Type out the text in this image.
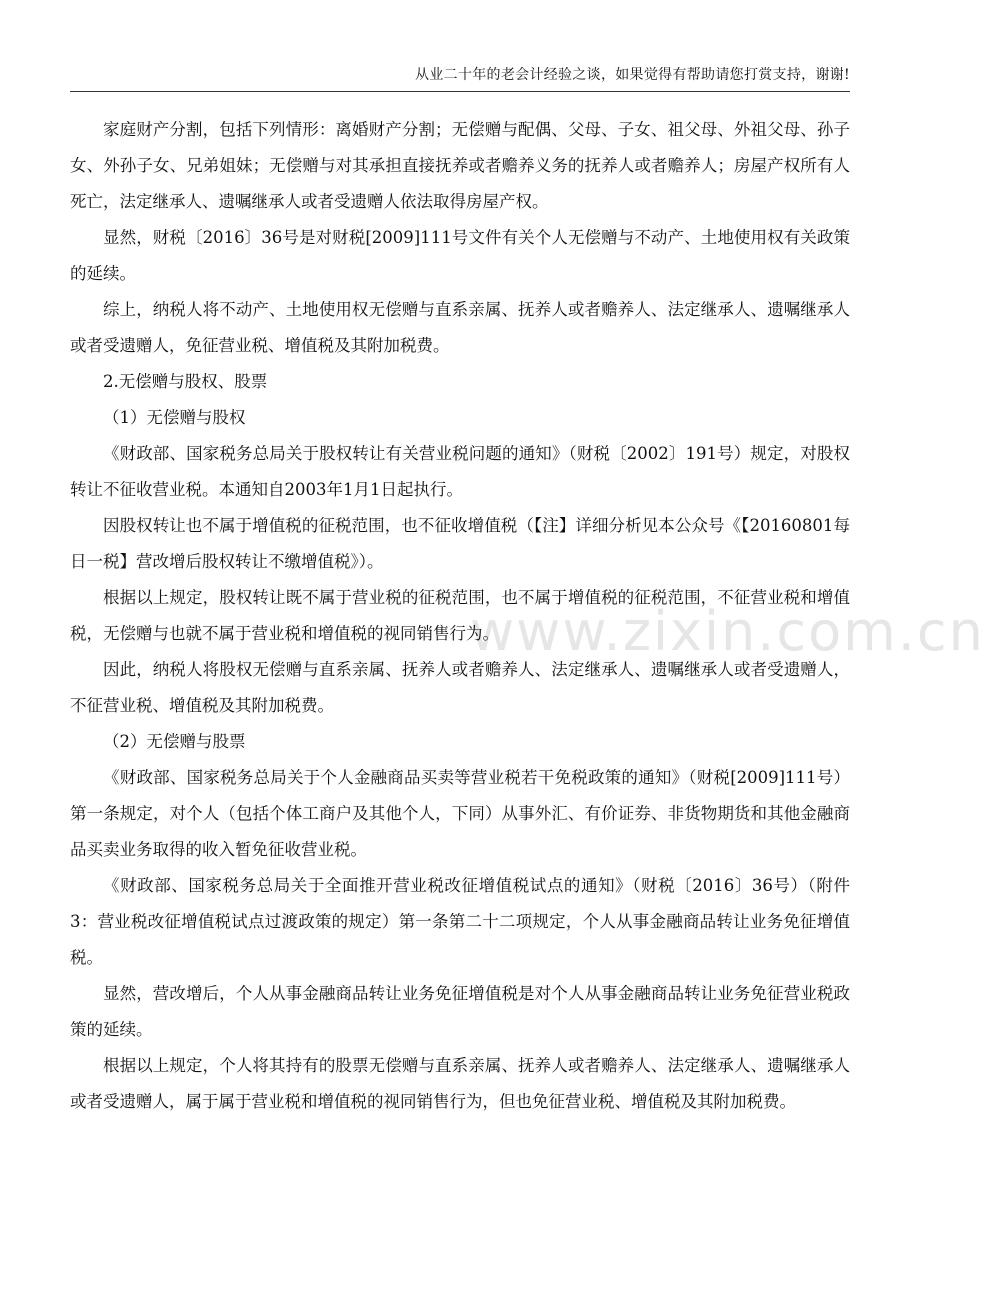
从业二十年的老会计经验之谈，如果觉得有帮助请您打赏支持，谢谢!
www.zixin.com.cn

家庭财产分割，包括下列情形：离婚财产分割；无偿赠与配偶、父母、子女、祖父母、外祖父母、孙子女、外孙子女、兄弟姐妹；无偿赠与对其承担直接抚养或者赡养义务的抚养人或者赡养人；房屋产权所有人死亡，法定继承人、遗嘱继承人或者受遗赠人依法取得房屋产权。

显然，财税〔2016〕36号是对财税[2009]111号文件有关个人无偿赠与不动产、土地使用权有关政策的延续。

综上，纳税人将不动产、土地使用权无偿赠与直系亲属、抚养人或者赡养人、法定继承人、遗嘱继承人或者受遗赠人，免征营业税、增值税及其附加税费。

2.无偿赠与股权、股票

（1）无偿赠与股权

《财政部、国家税务总局关于股权转让有关营业税问题的通知》（财税〔2002〕191号）规定，对股权转让不征收营业税。本通知自2003年1月1日起执行。

因股权转让也不属于增值税的征税范围，也不征收增值税（【注】详细分析见本公众号《【20160801每日一税】营改增后股权转让不缴增值税》）。

根据以上规定，股权转让既不属于营业税的征税范围，也不属于增值税的征税范围，不征营业税和增值税，无偿赠与也就不属于营业税和增值税的视同销售行为。

因此，纳税人将股权无偿赠与直系亲属、抚养人或者赡养人、法定继承人、遗嘱继承人或者受遗赠人，不征营业税、增值税及其附加税费。

（2）无偿赠与股票

《财政部、国家税务总局关于个人金融商品买卖等营业税若干免税政策的通知》（财税[2009]111号）第一条规定，对个人（包括个体工商户及其他个人，下同）从事外汇、有价证券、非货物期货和其他金融商品买卖业务取得的收入暂免征收营业税。

《财政部、国家税务总局关于全面推开营业税改征增值税试点的通知》（财税〔2016〕36号）（附件3：营业税改征增值税试点过渡政策的规定）第一条第二十二项规定，个人从事金融商品转让业务免征增值税。

显然，营改增后，个人从事金融商品转让业务免征增值税是对个人从事金融商品转让业务免征营业税政策的延续。

根据以上规定，个人将其持有的股票无偿赠与直系亲属、抚养人或者赡养人、法定继承人、遗嘱继承人或者受遗赠人，属于属于营业税和增值税的视同销售行为，但也免征营业税、增值税及其附加税费。
